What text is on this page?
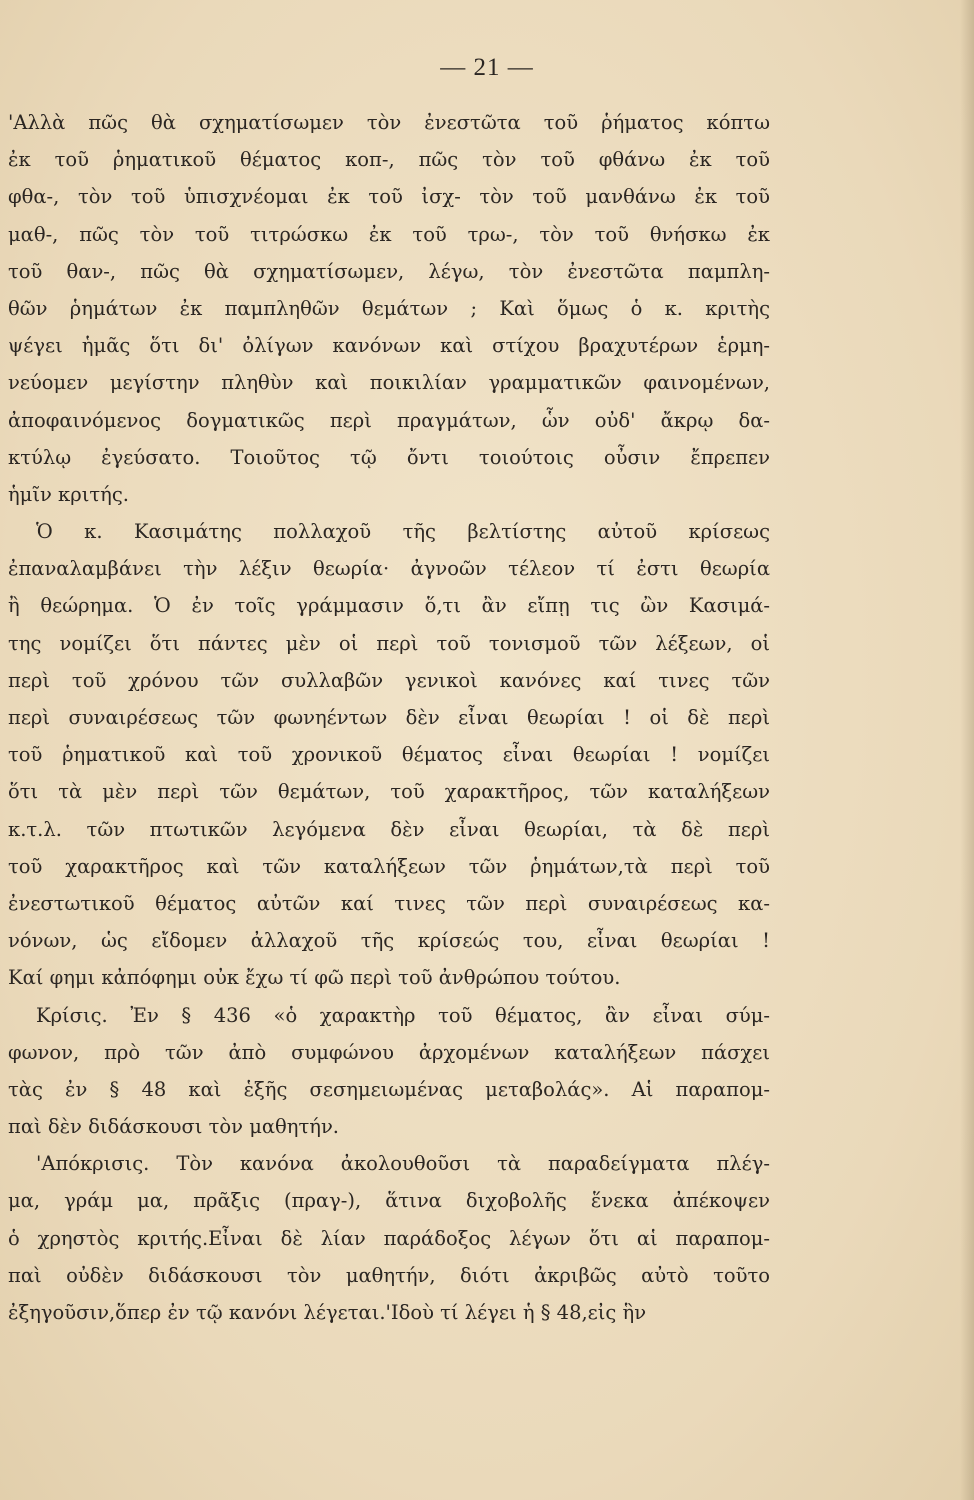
— 21 —
'Αλλὰ πῶς θὰ σχηματίσωμεν τὸν ἐνεστῶτα τοῦ ῥήματος κόπτω
ἐκ τοῦ ῥηματικοῦ θέματος κοπ-, πῶς τὸν τοῦ φθάνω ἐκ τοῦ
φθα-, τὸν τοῦ ὑπισχνέομαι ἐκ τοῦ ἰσχ- τὸν τοῦ μανθάνω ἐκ τοῦ
μαθ-, πῶς τὸν τοῦ τιτρώσκω ἐκ τοῦ τρω-, τὸν τοῦ θνήσκω ἐκ
τοῦ θαν-, πῶς θὰ σχηματίσωμεν, λέγω, τὸν ἐνεστῶτα παμπλη-
θῶν ῥημάτων ἐκ παμπληθῶν θεμάτων ; Καὶ ὅμως ὁ κ. κριτὴς
ψέγει ἡμᾶς ὅτι δι' ὀλίγων κανόνων καὶ στίχου βραχυτέρων ἑρμη-
νεύομεν μεγίστην πληθὺν καὶ ποικιλίαν γραμματικῶν φαινομένων,
ἀποφαινόμενος δογματικῶς περὶ πραγμάτων, ὧν οὐδ' ἄκρῳ δα-
κτύλῳ ἐγεύσατο. Τοιοῦτος τῷ ὄντι τοιούτοις οὖσιν ἔπρεπεν
ἡμῖν κριτής.
Ὁ κ. Κασιμάτης πολλαχοῦ τῆς βελτίστης αὐτοῦ κρίσεως
ἐπαναλαμβάνει τὴν λέξιν θεωρία· ἀγνοῶν τέλεον τί ἐστι θεωρία
ἢ θεώρημα. Ὁ ἐν τοῖς γράμμασιν ὅ,τι ἂν εἴπῃ τις ὢν Κασιμά-
της νομίζει ὅτι πάντες μὲν οἱ περὶ τοῦ τονισμοῦ τῶν λέξεων, οἱ
περὶ τοῦ χρόνου τῶν συλλαβῶν γενικοὶ κανόνες καί τινες τῶν
περὶ συναιρέσεως τῶν φωνηέντων δὲν εἶναι θεωρίαι ! οἱ δὲ περὶ
τοῦ ῥηματικοῦ καὶ τοῦ χρονικοῦ θέματος εἶναι θεωρίαι ! νομίζει
ὅτι τὰ μὲν περὶ τῶν θεμάτων, τοῦ χαρακτῆρος, τῶν καταλήξεων
κ.τ.λ. τῶν πτωτικῶν λεγόμενα δὲν εἶναι θεωρίαι, τὰ δὲ περὶ
τοῦ χαρακτῆρος καὶ τῶν καταλήξεων τῶν ῥημάτων,τὰ περὶ τοῦ
ἐνεστωτικοῦ θέματος αὐτῶν καί τινες τῶν περὶ συναιρέσεως κα-
νόνων, ὡς εἴδομεν ἀλλαχοῦ τῆς κρίσεώς του, εἶναι θεωρίαι !
Καί φημι κἀπόφημι οὐκ ἔχω τί φῶ περὶ τοῦ ἀνθρώπου τούτου.
Κρίσις. Ἐν § 436 «ὁ χαρακτὴρ τοῦ θέματος, ἂν εἶναι σύμ-
φωνον, πρὸ τῶν ἀπὸ συμφώνου ἀρχομένων καταλήξεων πάσχει
τὰς ἐν § 48 καὶ ἑξῆς σεσημειωμένας μεταβολάς». Αἱ παραπομ-
παὶ δὲν διδάσκουσι τὸν μαθητήν.
'Απόκρισις. Τὸν κανόνα ἀκολουθοῦσι τὰ παραδείγματα πλέγ-
μα, γράμ μα, πρᾶξις (πραγ-), ἅτινα διχοβολῆς ἕνεκα ἀπέκοψεν
ὁ χρηστὸς κριτής.Εἶναι δὲ λίαν παράδοξος λέγων ὅτι αἱ παραπομ-
παὶ οὐδὲν διδάσκουσι τὸν μαθητήν, διότι ἀκριβῶς αὐτὸ τοῦτο
ἐξηγοῦσιν,ὅπερ ἐν τῷ κανόνι λέγεται.'Ιδοὺ τί λέγει ἡ § 48,εἰς ἣν
